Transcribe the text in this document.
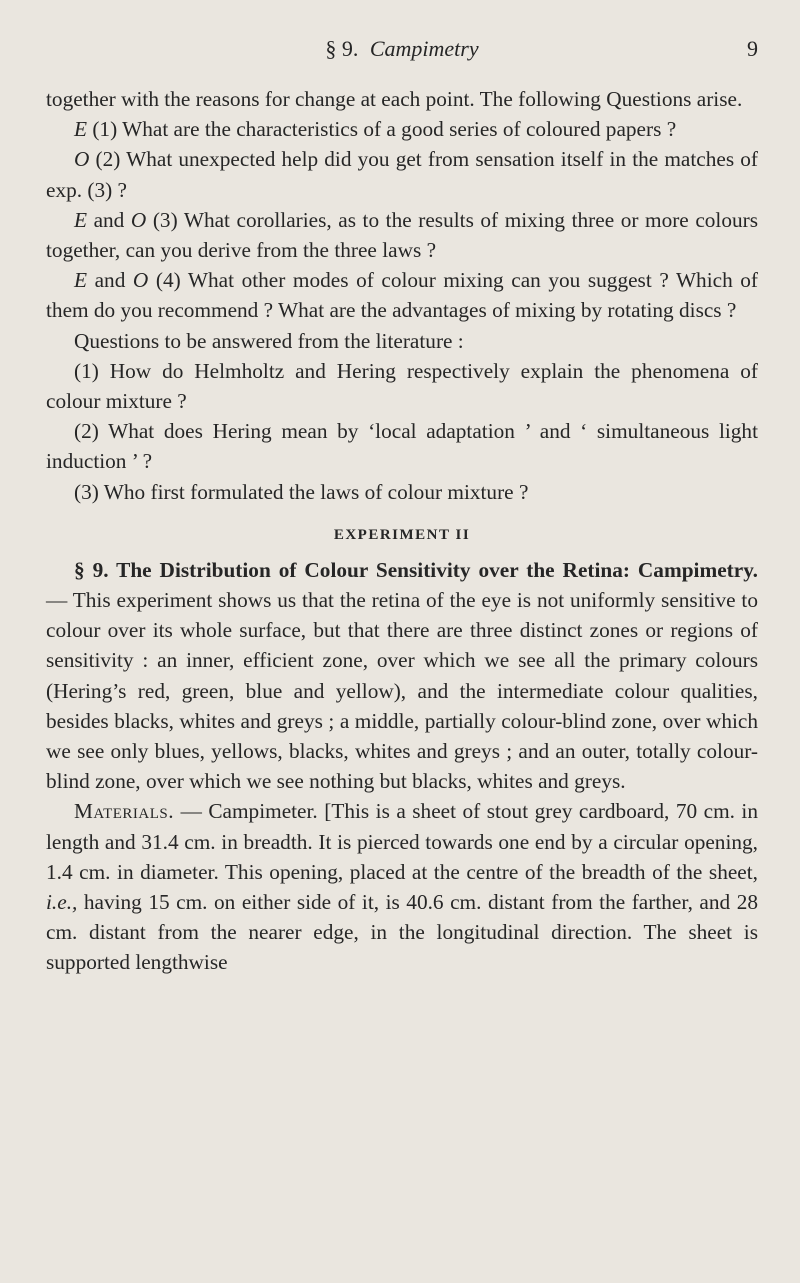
§ 9. Campimetry	9

together with the reasons for change at each point. The following Questions arise.

E (1) What are the characteristics of a good series of coloured papers ?

O (2) What unexpected help did you get from sensation itself in the matches of exp. (3) ?

E and O (3) What corollaries, as to the results of mixing three or more colours together, can you derive from the three laws ?

E and O (4) What other modes of colour mixing can you suggest ? Which of them do you recommend ? What are the advantages of mixing by rotating discs ?

Questions to be answered from the literature :

(1) How do Helmholtz and Hering respectively explain the phenomena of colour mixture ?

(2) What does Hering mean by ‘local adaptation ’ and ‘ simultaneous light induction ’ ?

(3) Who first formulated the laws of colour mixture ?

EXPERIMENT II

§ 9. The Distribution of Colour Sensitivity over the Retina: Campimetry. — This experiment shows us that the retina of the eye is not uniformly sensitive to colour over its whole surface, but that there are three distinct zones or regions of sensitivity : an inner, efficient zone, over which we see all the primary colours (Hering’s red, green, blue and yellow), and the intermediate colour qualities, besides blacks, whites and greys ; a middle, partially colour-blind zone, over which we see only blues, yellows, blacks, whites and greys ; and an outer, totally colour-blind zone, over which we see nothing but blacks, whites and greys.

Materials. — Campimeter. [This is a sheet of stout grey cardboard, 70 cm. in length and 31.4 cm. in breadth. It is pierced towards one end by a circular opening, 1.4 cm. in diameter. This opening, placed at the centre of the breadth of the sheet, i.e., having 15 cm. on either side of it, is 40.6 cm. distant from the farther, and 28 cm. distant from the nearer edge, in the longitudinal direction. The sheet is supported lengthwise
